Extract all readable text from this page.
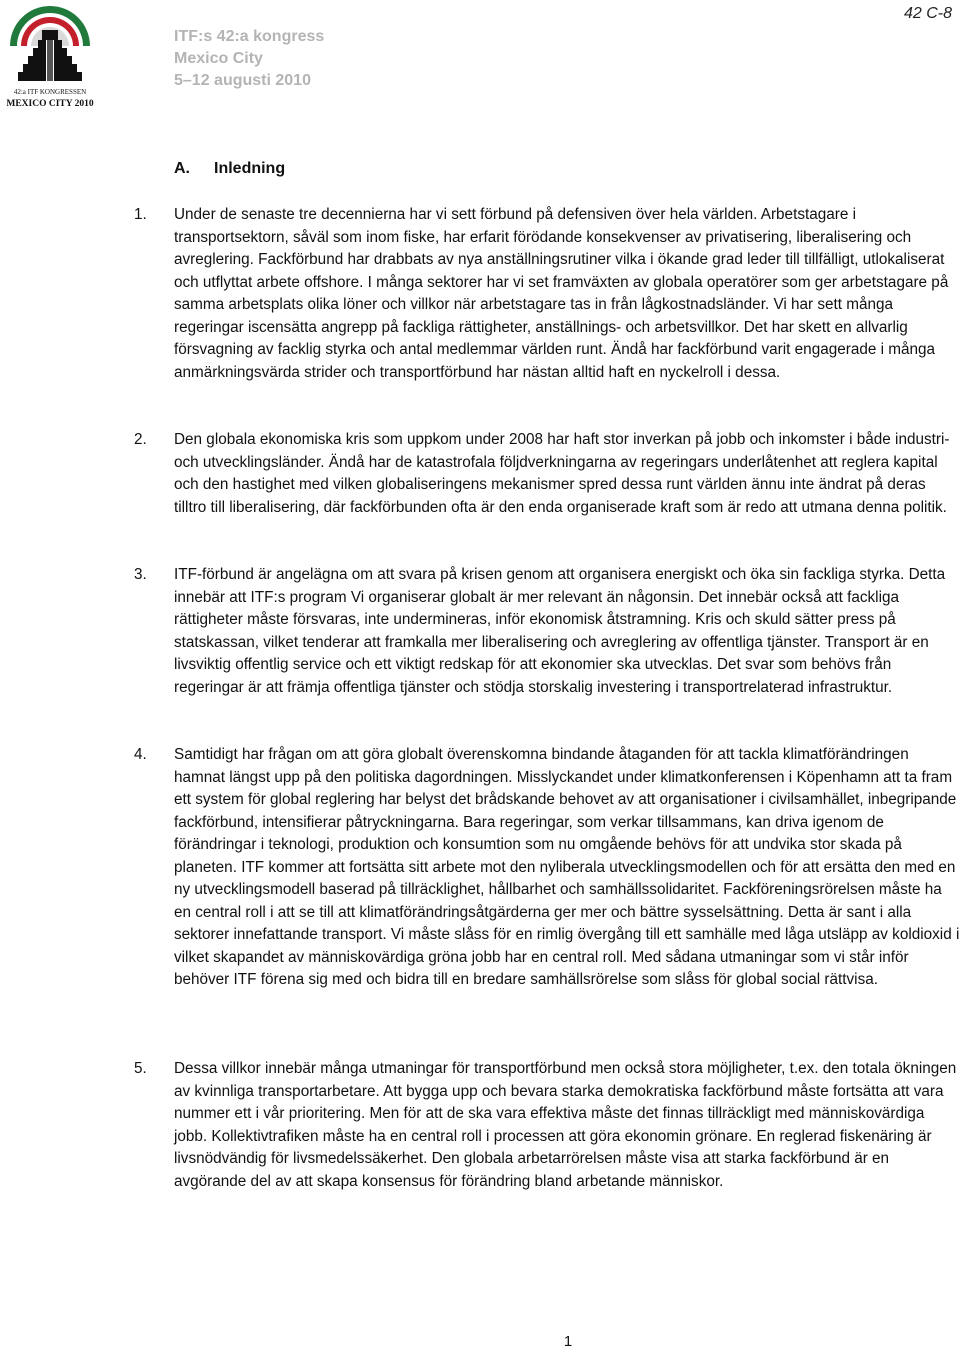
42:a ITF KONGRESSEN
MEXICO CITY 2010
ITF:s 42:a kongress
Mexico City
5–12 augusti 2010
42 C-8
A. Inledning
1. Under de senaste tre decennierna har vi sett förbund på defensiven över hela världen. Arbetstagare i transportsektorn, såväl som inom fiske, har erfarit förödande konsekvenser av privatisering, liberalisering och avreglering. Fackförbund har drabbats av nya anställningsrutiner vilka i ökande grad leder till tillfälligt, utlokaliserat och utflyttat arbete offshore. I många sektorer har vi set framväxten av globala operatörer som ger arbetstagare på samma arbetsplats olika löner och villkor när arbetstagare tas in från lågkostnadsländer. Vi har sett många regeringar iscensätta angrepp på fackliga rättigheter, anställnings- och arbetsvillkor. Det har skett en allvarlig försvagning av facklig styrka och antal medlemmar världen runt. Ändå har fackförbund varit engagerade i många anmärkningsvärda strider och transportförbund har nästan alltid haft en nyckelroll i dessa.
2. Den globala ekonomiska kris som uppkom under 2008 har haft stor inverkan på jobb och inkomster i både industri- och utvecklingsländer. Ändå har de katastrofala följdverkningarna av regeringars underlåtenhet att reglera kapital och den hastighet med vilken globaliseringens mekanismer spred dessa runt världen ännu inte ändrat på deras tilltro till liberalisering, där fackförbunden ofta är den enda organiserade kraft som är redo att utmana denna politik.
3. ITF-förbund är angelägna om att svara på krisen genom att organisera energiskt och öka sin fackliga styrka. Detta innebär att ITF:s program Vi organiserar globalt är mer relevant än någonsin. Det innebär också att fackliga rättigheter måste försvaras, inte undermineras, inför ekonomisk åtstramning. Kris och skuld sätter press på statskassan, vilket tenderar att framkalla mer liberalisering och avreglering av offentliga tjänster. Transport är en livsviktig offentlig service och ett viktigt redskap för att ekonomier ska utvecklas. Det svar som behövs från regeringar är att främja offentliga tjänster och stödja storskalig investering i transportrelaterad infrastruktur.
4. Samtidigt har frågan om att göra globalt överenskomna bindande åtaganden för att tackla klimatförändringen hamnat längst upp på den politiska dagordningen. Misslyckandet under klimatkonferensen i Köpenhamn att ta fram ett system för global reglering har belyst det brådskande behovet av att organisationer i civilsamhället, inbegripande fackförbund, intensifierar påtryckningarna. Bara regeringar, som verkar tillsammans, kan driva igenom de förändringar i teknologi, produktion och konsumtion som nu omgående behövs för att undvika stor skada på planeten. ITF kommer att fortsätta sitt arbete mot den nyliberala utvecklingsmodellen och för att ersätta den med en ny utvecklingsmodell baserad på tillräcklighet, hållbarhet och samhällssolidaritet. Fackföreningsrörelsen måste ha en central roll i att se till att klimatförändringsåtgärderna ger mer och bättre sysselsättning. Detta är sant i alla sektorer innefattande transport. Vi måste slåss för en rimlig övergång till ett samhälle med låga utsläpp av koldioxid i vilket skapandet av människovärdiga gröna jobb har en central roll. Med sådana utmaningar som vi står inför behöver ITF förena sig med och bidra till en bredare samhällsrörelse som slåss för global social rättvisa.
5. Dessa villkor innebär många utmaningar för transportförbund men också stora möjligheter, t.ex. den totala ökningen av kvinnliga transportarbetare. Att bygga upp och bevara starka demokratiska fackförbund måste fortsätta att vara nummer ett i vår prioritering. Men för att de ska vara effektiva måste det finnas tillräckligt med människovärdiga jobb. Kollektivtrafiken måste ha en central roll i processen att göra ekonomin grönare. En reglerad fiskenäring är livsnödvändig för livsmedelssäkerhet. Den globala arbetarrörelsen måste visa att starka fackförbund är en avgörande del av att skapa konsensus för förändring bland arbetande människor.
1
